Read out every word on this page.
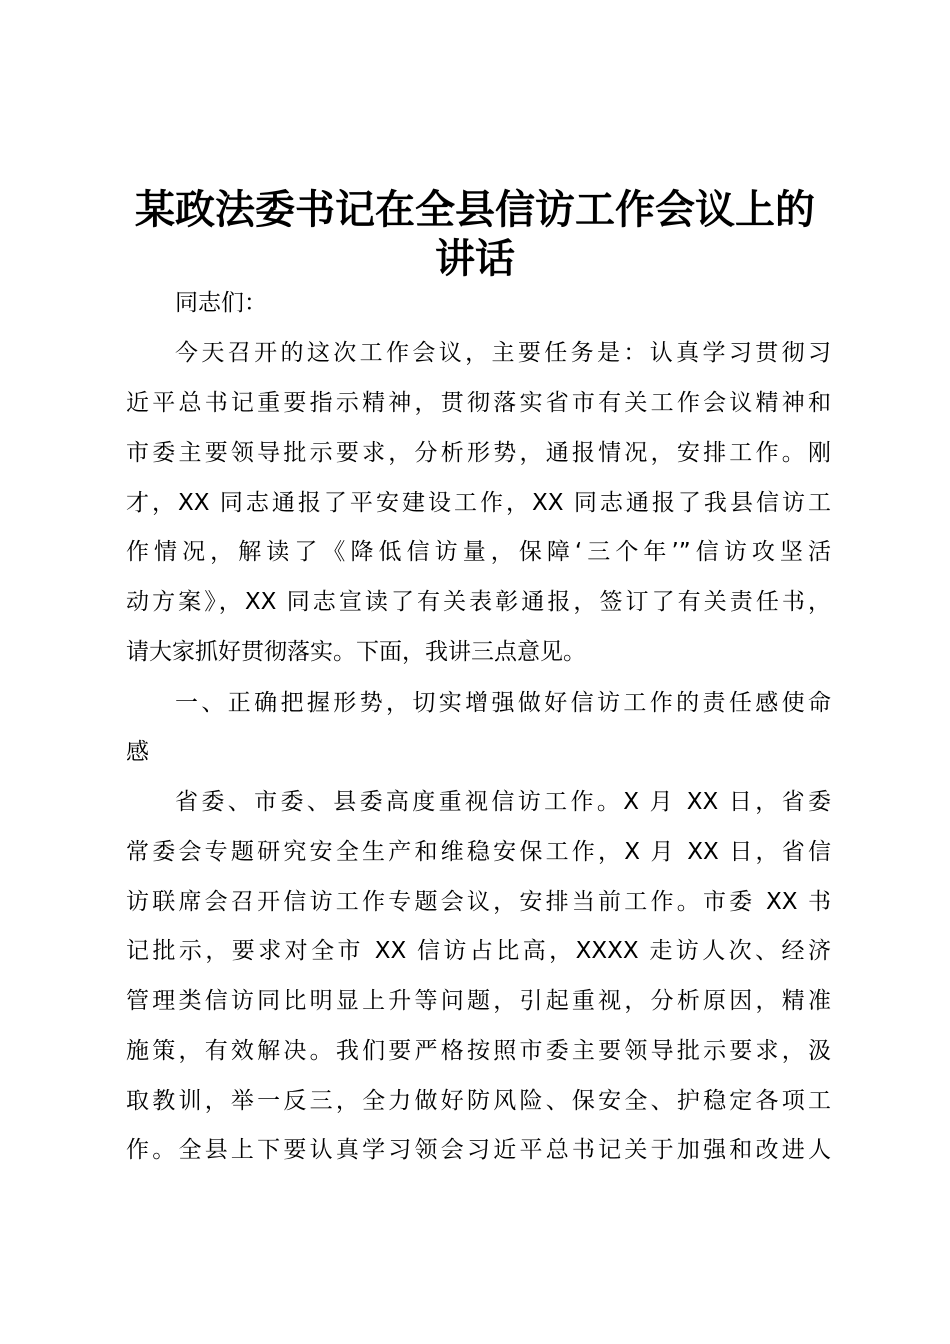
某政法委书记在全县信访工作会议上的
讲话
同志们：
今天召开的这次工作会议，主要任务是：认真学习贯彻习
近平总书记重要指示精神，贯彻落实省市有关工作会议精神和
市委主要领导批示要求，分析形势，通报情况，安排工作。刚
才，XX 同志通报了平安建设工作，XX 同志通报了我县信访工
作情况，解读了《降低信访量，保障‘三个年’”信访攻坚活
动方案》，XX 同志宣读了有关表彰通报，签订了有关责任书，
请大家抓好贯彻落实。下面，我讲三点意见。
一、正确把握形势，切实增强做好信访工作的责任感使命
感
省委、市委、县委高度重视信访工作。X 月 XX 日，省委
常委会专题研究安全生产和维稳安保工作，X 月 XX 日，省信
访联席会召开信访工作专题会议，安排当前工作。市委 XX 书
记批示，要求对全市 XX 信访占比高，XXXX 走访人次、经济
管理类信访同比明显上升等问题，引起重视，分析原因，精准
施策，有效解决。我们要严格按照市委主要领导批示要求，汲
取教训，举一反三，全力做好防风险、保安全、护稳定各项工
作。全县上下要认真学习领会习近平总书记关于加强和改进人
